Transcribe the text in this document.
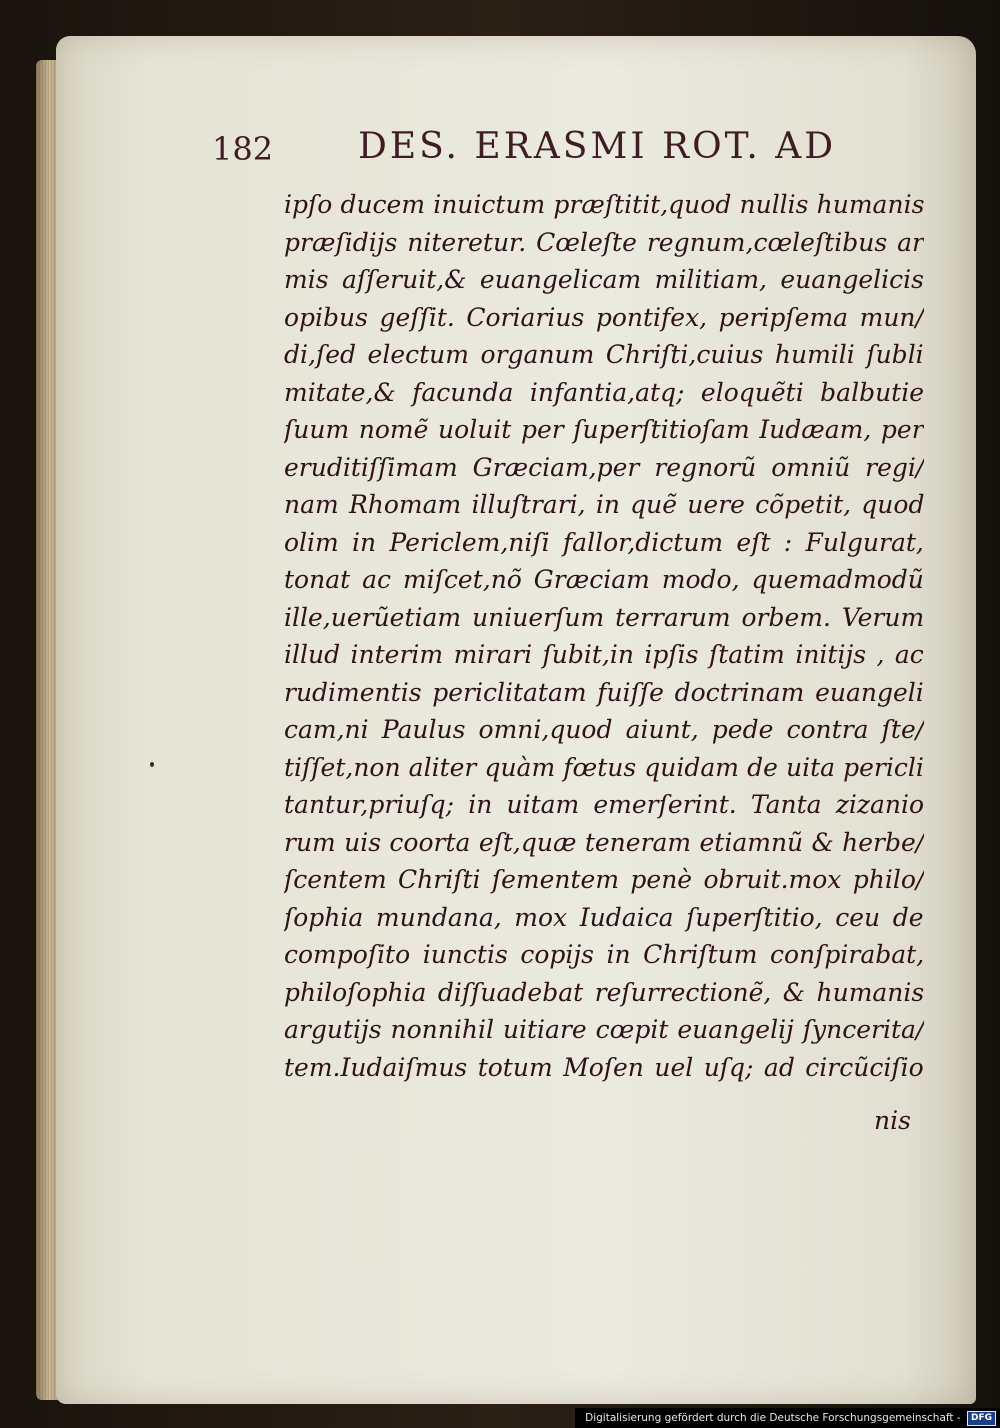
182 DES. ERASMI ROT. AD
ipſo ducem inuictum præſtitit,quod nullis humanis
præſidijs niteretur. Cœleſte regnum,cœleſtibus ar
mis aſſeruit,& euangelicam militiam, euangelicis
opibus geſſit. Coriarius pontifex, peripſema mun/
di,ſed electum organum Chriſti,cuius humili ſubli
mitate,& facunda infantia,atq; eloquẽti balbutie
ſuum nomẽ uoluit per ſuperſtitioſam Iudæam, per
eruditiſſimam Græciam,per regnorũ omniũ regi/
nam Rhomam illuſtrari, in quẽ uere cõpetit, quod
olim in Periclem,niſi fallor,dictum eſt : Fulgurat,
tonat ac miſcet,nõ Græciam modo, quemadmodũ
ille,uerũetiam uniuerſum terrarum orbem. Verum
illud interim mirari ſubit,in ipſis ſtatim initijs , ac
rudimentis periclitatam fuiſſe doctrinam euangeli
cam,ni Paulus omni,quod aiunt, pede contra ſte/
tiſſet,non aliter quàm fœtus quidam de uita pericli
tantur,priuſq; in uitam emerſerint. Tanta zizanio
rum uis coorta eſt,quæ teneram etiamnũ & herbe/
ſcentem Chriſti ſementem penè obruit.mox philo/
ſophia mundana, mox Iudaica ſuperſtitio, ceu de
compoſito iunctis copijs in Chriſtum conſpirabat,
philoſophia diſſuadebat reſurrectionẽ, & humanis
argutijs nonnihil uitiare cœpit euangelij ſyncerita/
tem.Iudaiſmus totum Moſen uel uſq; ad circũciſio
nis
Digitalisierung gefördert durch die Deutsche Forschungsgemeinschaft - DFG
